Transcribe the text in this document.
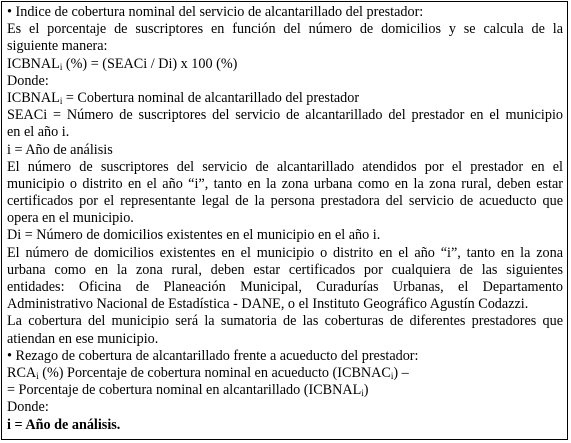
• Indice de cobertura nominal del servicio de alcantarillado del prestador:
Es el porcentaje de suscriptores en función del número de domicilios y se calcula de la
siguiente manera:
$ICBNAL_i$ (%) = (SEACi / Di) x 100 (%)
Donde:
$ICBNAL_i$ = Cobertura nominal de alcantarillado del prestador
SEACi = Número de suscriptores del servicio de alcantarillado del prestador en el municipio
en el año i.
i = Año de análisis
El número de suscriptores del servicio de alcantarillado atendidos por el prestador en el
municipio o distrito en el año “i”, tanto en la zona urbana como en la zona rural, deben estar
certificados por el representante legal de la persona prestadora del servicio de acueducto que
opera en el municipio.
Di = Número de domicilios existentes en el municipio en el año i.
El número de domicilios existentes en el municipio o distrito en el año “i”, tanto en la zona
urbana como en la zona rural, deben estar certificados por cualquiera de las siguientes
entidades: Oficina de Planeación Municipal, Curadurías Urbanas, el Departamento
Administrativo Nacional de Estadística - DANE, o el Instituto Geográfico Agustín Codazzi.
La cobertura del municipio será la sumatoria de las coberturas de diferentes prestadores que
atiendan en ese municipio.
• Rezago de cobertura de alcantarillado frente a acueducto del prestador:
$RCA_i$ (%) Porcentaje de cobertura nominal en acueducto $(ICBNAC_i)$ –
= Porcentaje de cobertura nominal en alcantarillado $(ICBNAL_i)$
Donde:
i = Año de análisis.
